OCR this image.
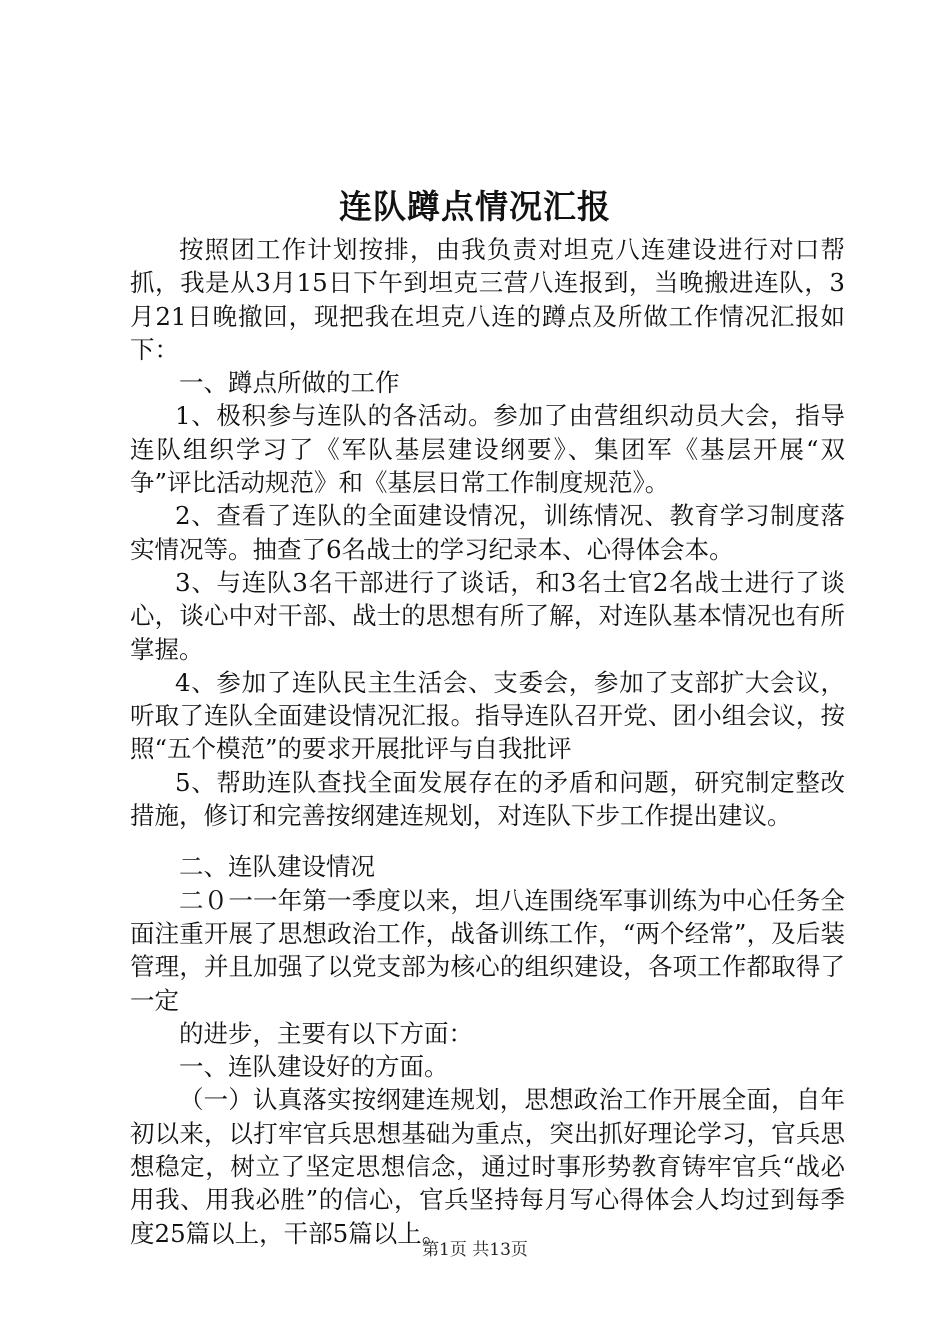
连队蹲点情况汇报

按照团工作计划按排，由我负责对坦克八连建设进行对口帮抓，我是从3月15日下午到坦克三营八连报到，当晚搬进连队，3月21日晚撤回，现把我在坦克八连的蹲点及所做工作情况汇报如下：

一、蹲点所做的工作

1、极积参与连队的各活动。参加了由营组织动员大会，指导连队组织学习了《军队基层建设纲要》、集团军《基层开展“双争”评比活动规范》和《基层日常工作制度规范》。

2、查看了连队的全面建设情况，训练情况、教育学习制度落实情况等。抽查了6名战士的学习纪录本、心得体会本。

3、与连队3名干部进行了谈话，和3名士官2名战士进行了谈心，谈心中对干部、战士的思想有所了解，对连队基本情况也有所掌握。

4、参加了连队民主生活会、支委会，参加了支部扩大会议，听取了连队全面建设情况汇报。指导连队召开党、团小组会议，按照“五个模范”的要求开展批评与自我批评

5、帮助连队查找全面发展存在的矛盾和问题，研究制定整改措施，修订和完善按纲建连规划，对连队下步工作提出建议。

二、连队建设情况

二０一一年第一季度以来，坦八连围绕军事训练为中心任务全面注重开展了思想政治工作，战备训练工作，“两个经常”，及后装管理，并且加强了以党支部为核心的组织建设，各项工作都取得了一定

的进步，主要有以下方面：

一、连队建设好的方面。

（一）认真落实按纲建连规划，思想政治工作开展全面，自年初以来，以打牢官兵思想基础为重点，突出抓好理论学习，官兵思想稳定，树立了坚定思想信念，通过时事形势教育铸牢官兵“战必用我、用我必胜”的信心，官兵坚持每月写心得体会人均过到每季度25篇以上，干部5篇以上。

第1页 共13页
